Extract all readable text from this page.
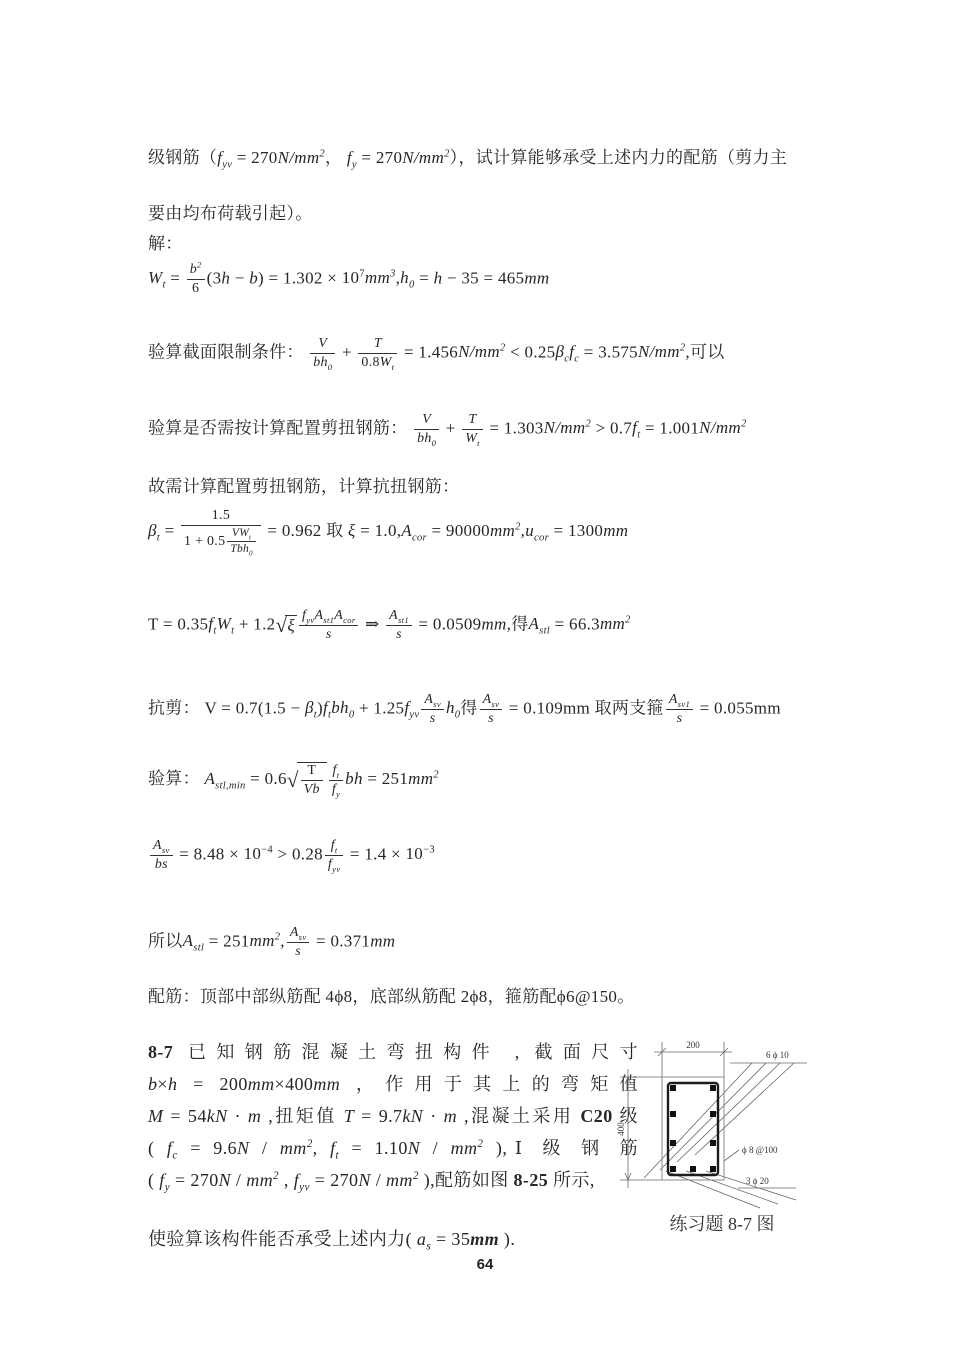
级钢筋（$f_{yv} = 270N/mm^2$， $f_y = 270N/mm^2$），试计算能够承受上述内力的配筋（剪力主
要由均布荷载引起）。
解：
$W_t = \frac{b^2}{6} (3h - b) = 1.302 \times 10^7mm^3,h_0 = h - 35 = 465mm$
验算截面限制条件： $\frac{V}{bh_0} + \frac{T}{0.8W_t} = 1.456N/mm^2 < 0.25\beta_cf_c = 3.575N/mm^2$,可以
验算是否需按计算配置剪扭钢筋： $\frac{V}{bh_0} + \frac{T}{W_t} = 1.303N/mm^2 > 0.7f_t = 1.001N/mm^2$
故需计算配置剪扭钢筋，计算抗扭钢筋：
$\beta_t = \frac{1.5}{1 + 0.5 \frac{VW_t}{Tbh_0}} = 0.962$ 取 $\xi = 1.0,A_{cor} = 90000mm^2,u_{cor} = 1300mm$
$T = 0.35f_tW_t + 1.2√\xi \frac{f_{yv}A_{st1}A_{cor}}{s}$ ⇒ $\frac{A_{st1}}{s} = 0.0509mm$,得$A_{stl} = 66.3mm^2$
抗剪： $V = 0.7(1.5 - \beta_t)f_tbh_0 + 1.25f_{yv} \frac{A_{sv}}{s} h_0$得 $\frac{A_{sv}}{s} = 0.109mm$ 取两支箍 $\frac{A_{sv1}}{s} = 0.055mm$
验算： $A_{stl,min} = 0.6√ \frac{T}{Vb} \frac{f_t}{f_y}$ bh = $251mm^2$
$\frac{A_{sv}}{bs} = 8.48 \times 10^{-4} > 0.28 \frac{f_t}{f_{yv}} = 1.4 \times 10^{-3}$
所以$A_{stl} = 251mm^2$, $\frac{A_{sv}}{s} = 0.371mm$
配筋：顶部中部纵筋配 4ϕ8，底部纵筋配 2ϕ8，箍筋配ϕ6@150。
8-7 已知钢筋混凝土弯扭构件 , 截面尺寸
b×h = 200mm×400mm ，作用于其上的弯矩值
M = 54kN · m ,扭矩值 T = 9.7kN · m ,混凝土采用 C20 级
( $f_c = 9.6N / mm^2$, $f_t = 1.10N / mm^2$ ),Ⅰ 级 钢 筋
( $f_y = 270N / mm^2$ , $f_{yv} = 270N / mm^2$ ),配筋如图 8-25 所示,
使验算该构件能否承受上述内力( $a_s = 35mm$ ).
200
400
6 ϕ 10
ϕ 8 @100
3 ϕ 20
练习题 8-7 图
64
